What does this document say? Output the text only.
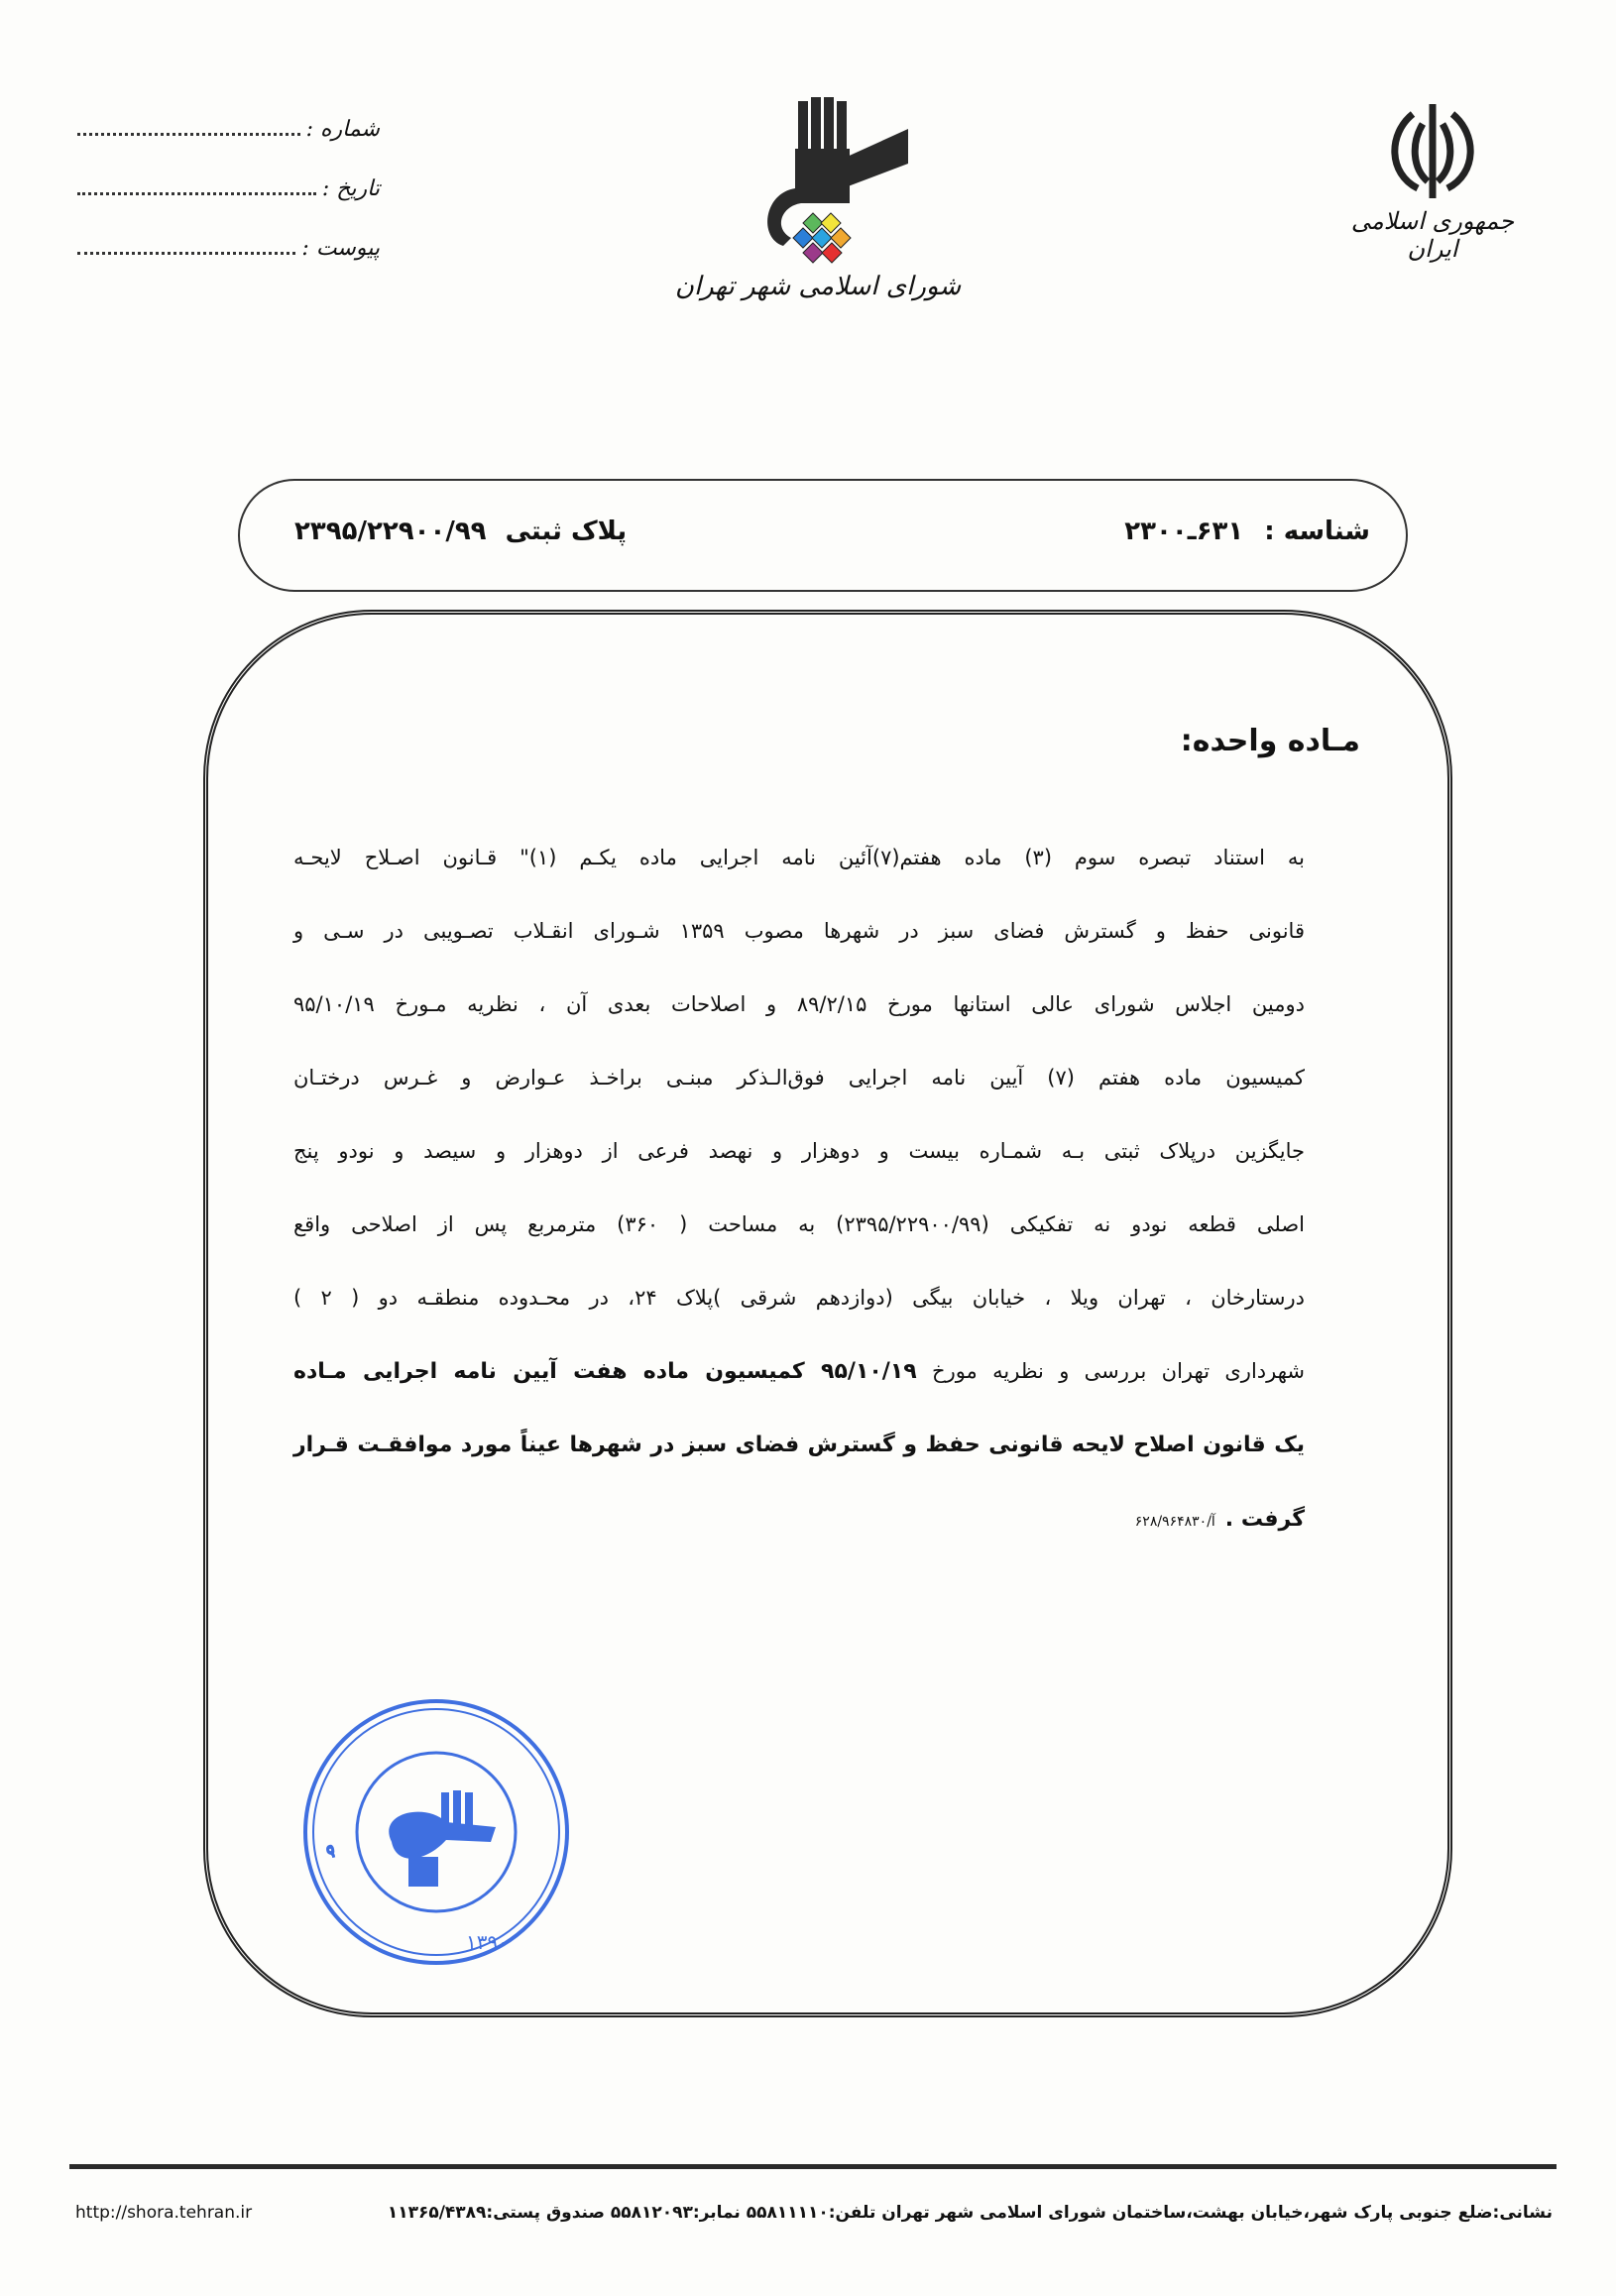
شماره :
تاریخ :
پیوست :
شورای اسلامی شهر تهران
جمهوری اسلامی ایران
شناسه : ۶۳۱ـ۲۳۰۰
پلاک ثبتی ۲۳۹۵/۲۲۹۰۰/۹۹
مـاده واحده:
به استناد تبصره سوم (۳) ماده هفتم(۷)آئین نامه اجرایی ماده یکـم (۱)" قـانون اصـلاح لایحـه
قانونی حفظ و گسترش فضای سبز در شهرها مصوب ۱۳۵۹ شـورای انقـلاب تصـویبی در سـی و
دومین اجلاس شورای عالی استانها مورخ ۸۹/۲/۱۵ و اصلاحات بعدی آن ، نظریه مـورخ ۹۵/۱۰/۱۹
کمیسیون ماده هفتم (۷) آیین نامه اجرایی فوق‌الـذکر مبنـی براخـذ عـوارض و غـرس درختـان
جایگزین درپلاک ثبتی بـه شمـاره بیست و دوهزار و نهصد فرعی از دوهزار و سیصد و نودو پنج
اصلی قطعه نودو نه تفکیکی (۲۳۹۵/۲۲۹۰۰/۹۹) به مساحت ( ۳۶۰) مترمربع پس از اصلاحی واقع
درستارخان ، تهران ویلا ، خیابان بیگی (دوازدهم شرقی )پلاک ۲۴، در محـدوده منطقـه دو ( ۲ )
شهرداری تهران بررسی و نظریه مورخ ۹۵/۱۰/۱۹ کمیسیون ماده هفت آیین نامه اجرایی مـاده
یک قانون اصلاح لایحه قانونی حفظ و گسترش فضای سبز در شهرها عیناً مورد موافقـت قـرار
گرفت .آ/۶۲۸/۹۶۴۸۳۰
م
۱۳۹۰
http://shora.tehran.ir	نشانی:ضلع جنوبی پارک شهر،خیابان بهشت،ساختمان شورای اسلامی شهر تهران تلفن:۵۵۸۱۱۱۱۰ نمابر:۵۵۸۱۲۰۹۳ صندوق پستی:۱۱۳۶۵/۴۳۸۹
